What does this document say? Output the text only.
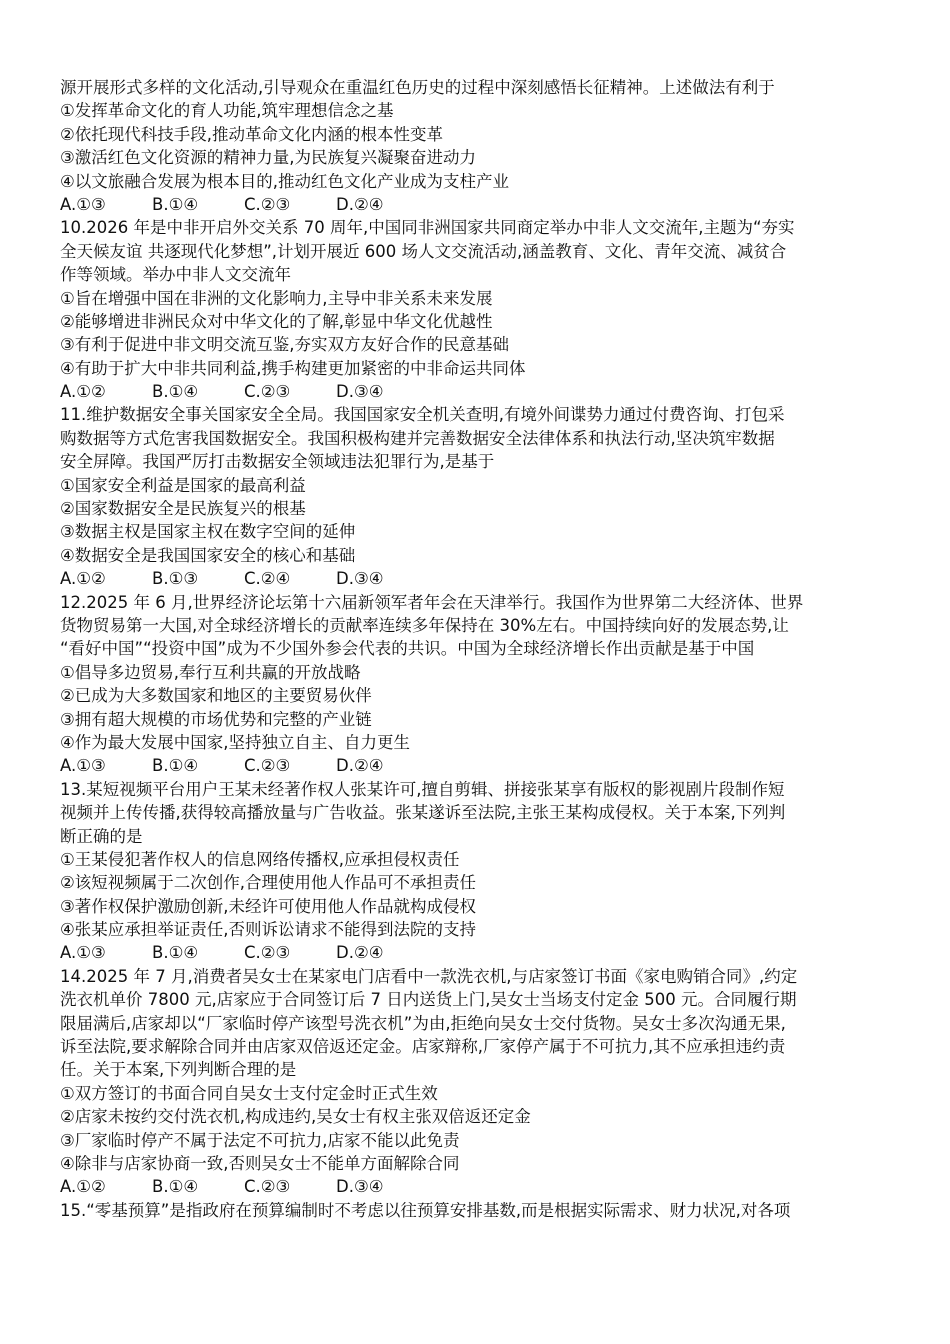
源开展形式多样的文化活动,引导观众在重温红色历史的过程中深刻感悟长征精神。上述做法有利于
①发挥革命文化的育人功能,筑牢理想信念之基
②依托现代科技手段,推动革命文化内涵的根本性变革
③激活红色文化资源的精神力量,为民族复兴凝聚奋进动力
④以文旅融合发展为根本目的,推动红色文化产业成为支柱产业
A.①③	B.①④	C.②③	D.②④
10.2026 年是中非开启外交关系 70 周年,中国同非洲国家共同商定举办中非人文交流年,主题为“夯实
全天候友谊 共逐现代化梦想”,计划开展近 600 场人文交流活动,涵盖教育、文化、青年交流、减贫合
作等领域。举办中非人文交流年
①旨在增强中国在非洲的文化影响力,主导中非关系未来发展
②能够增进非洲民众对中华文化的了解,彰显中华文化优越性
③有利于促进中非文明交流互鉴,夯实双方友好合作的民意基础
④有助于扩大中非共同利益,携手构建更加紧密的中非命运共同体
A.①②	B.①④	C.②③	D.③④
11.维护数据安全事关国家安全全局。我国国家安全机关查明,有境外间谍势力通过付费咨询、打包采
购数据等方式危害我国数据安全。我国积极构建并完善数据安全法律体系和执法行动,坚决筑牢数据
安全屏障。我国严厉打击数据安全领域违法犯罪行为,是基于
①国家安全利益是国家的最高利益
②国家数据安全是民族复兴的根基
③数据主权是国家主权在数字空间的延伸
④数据安全是我国国家安全的核心和基础
A.①②	B.①③	C.②④	D.③④
12.2025 年 6 月,世界经济论坛第十六届新领军者年会在天津举行。我国作为世界第二大经济体、世界
货物贸易第一大国,对全球经济增长的贡献率连续多年保持在 30%左右。中国持续向好的发展态势,让
“看好中国”“投资中国”成为不少国外参会代表的共识。中国为全球经济增长作出贡献是基于中国
①倡导多边贸易,奉行互利共赢的开放战略
②已成为大多数国家和地区的主要贸易伙伴
③拥有超大规模的市场优势和完整的产业链
④作为最大发展中国家,坚持独立自主、自力更生
A.①③	B.①④	C.②③	D.②④
13.某短视频平台用户王某未经著作权人张某许可,擅自剪辑、拼接张某享有版权的影视剧片段制作短
视频并上传传播,获得较高播放量与广告收益。张某遂诉至法院,主张王某构成侵权。关于本案,下列判
断正确的是
①王某侵犯著作权人的信息网络传播权,应承担侵权责任
②该短视频属于二次创作,合理使用他人作品可不承担责任
③著作权保护激励创新,未经许可使用他人作品就构成侵权
④张某应承担举证责任,否则诉讼请求不能得到法院的支持
A.①③	B.①④	C.②③	D.②④
14.2025 年 7 月,消费者吴女士在某家电门店看中一款洗衣机,与店家签订书面《家电购销合同》,约定
洗衣机单价 7800 元,店家应于合同签订后 7 日内送货上门,吴女士当场支付定金 500 元。合同履行期
限届满后,店家却以“厂家临时停产该型号洗衣机”为由,拒绝向吴女士交付货物。吴女士多次沟通无果,
诉至法院,要求解除合同并由店家双倍返还定金。店家辩称,厂家停产属于不可抗力,其不应承担违约责
任。关于本案,下列判断合理的是
①双方签订的书面合同自吴女士支付定金时正式生效
②店家未按约交付洗衣机,构成违约,吴女士有权主张双倍返还定金
③厂家临时停产不属于法定不可抗力,店家不能以此免责
④除非与店家协商一致,否则吴女士不能单方面解除合同
A.①②	B.①④	C.②③	D.③④
15.“零基预算”是指政府在预算编制时不考虑以往预算安排基数,而是根据实际需求、财力状况,对各项
